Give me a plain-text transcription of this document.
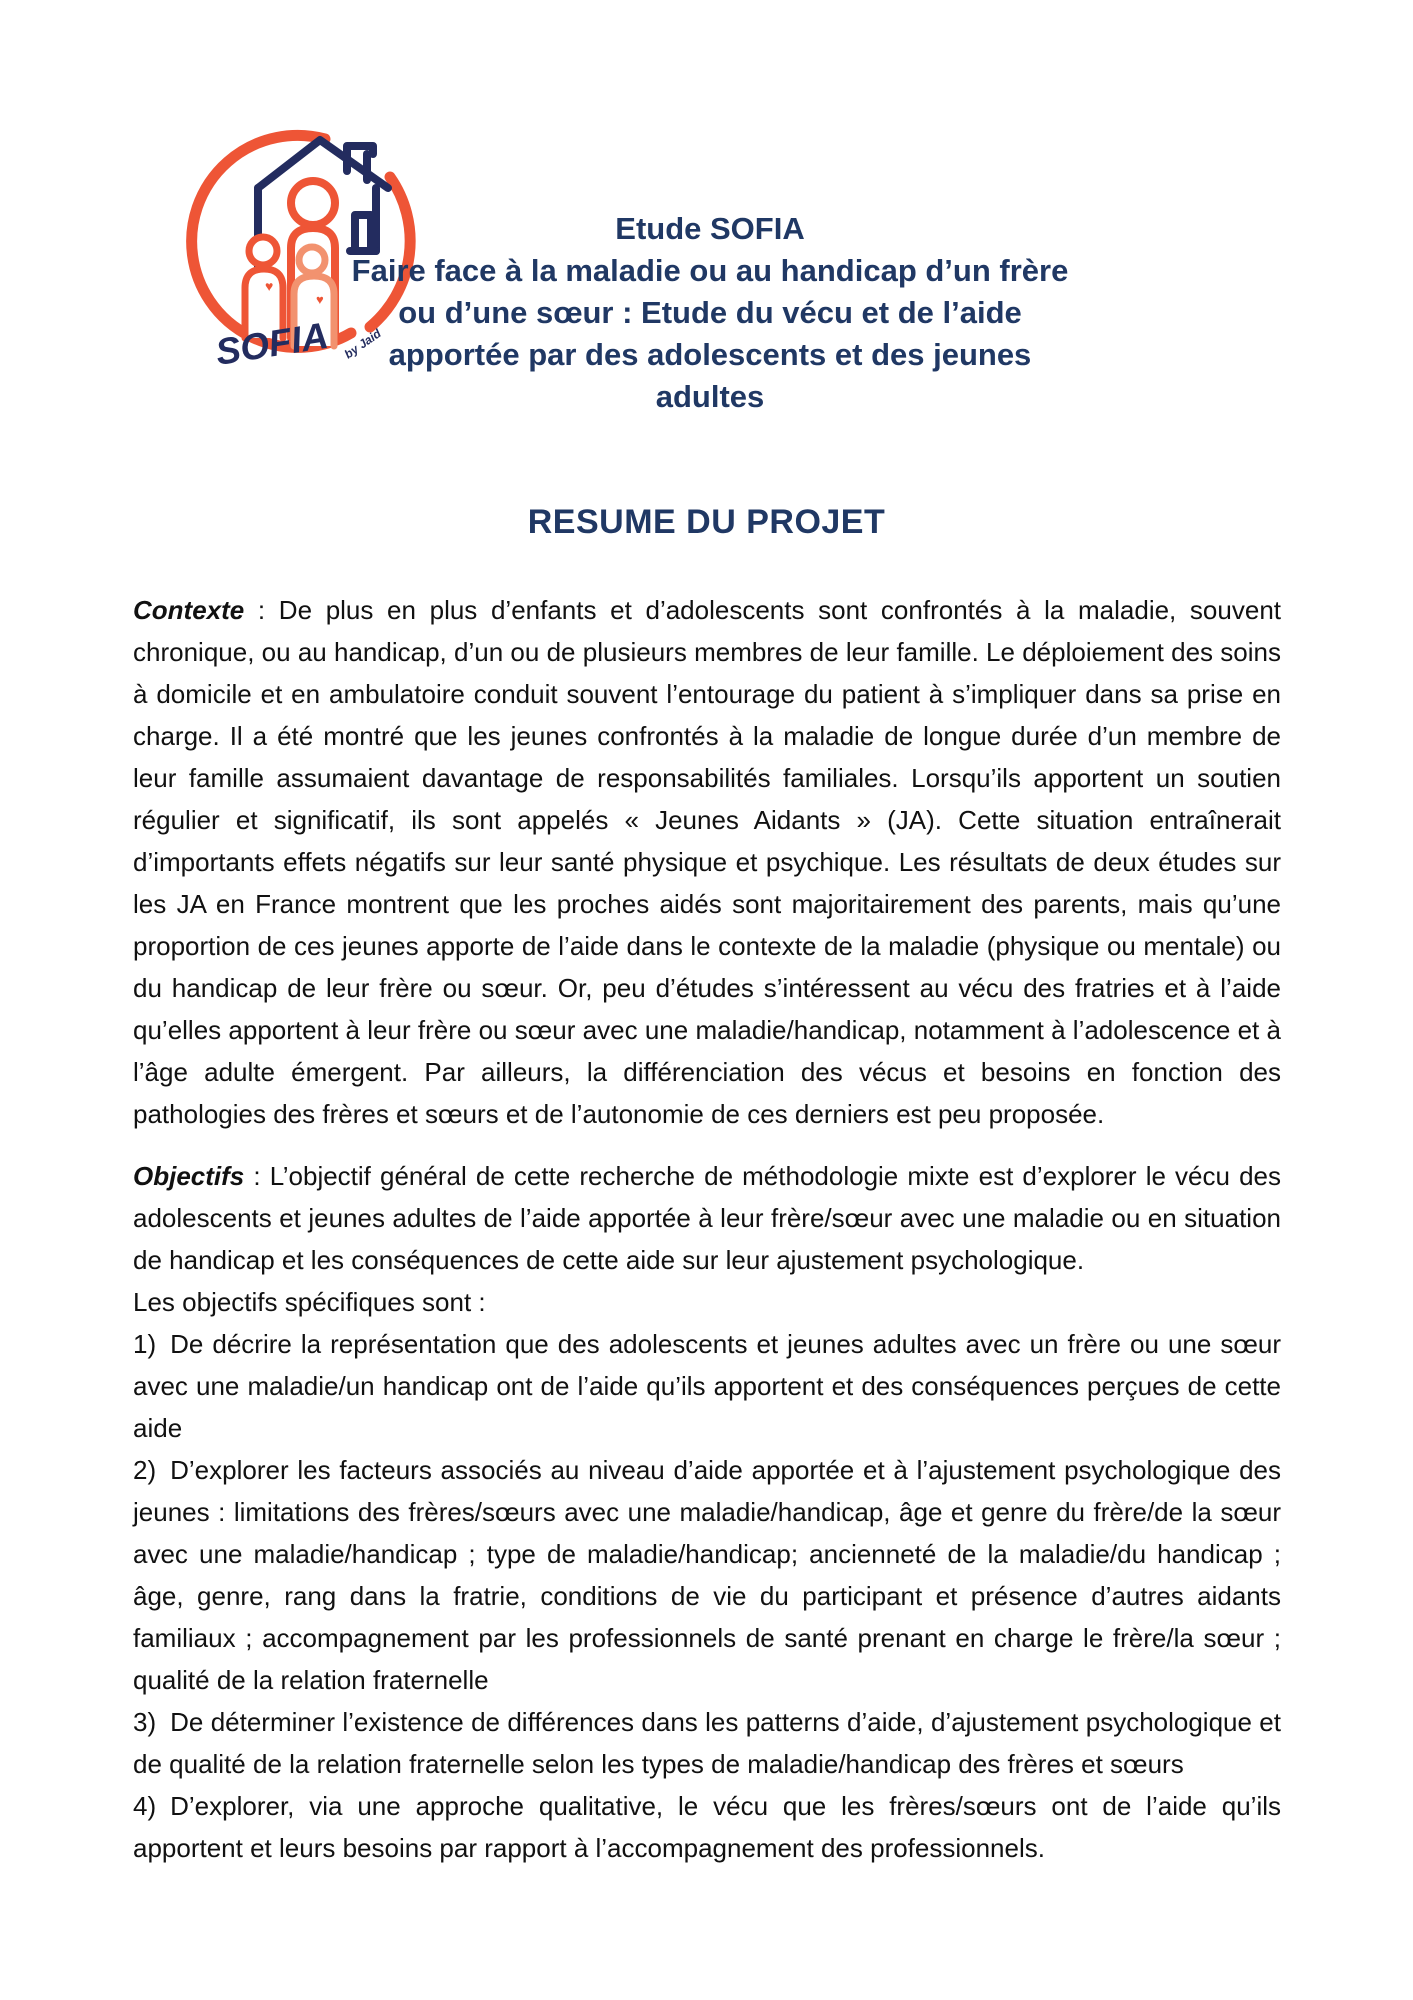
♥
♥
SOFIA by Jaid
Etude SOFIA
Faire face à la maladie ou au handicap d’un frère
ou d’une sœur : Etude du vécu et de l’aide
apportée par des adolescents et des jeunes
adultes
RESUME DU PROJET

Contexte : De plus en plus d’enfants et d’adolescents sont confrontés à la maladie, souvent chronique, ou au handicap, d’un ou de plusieurs membres de leur famille. Le déploiement des soins à domicile et en ambulatoire conduit souvent l’entourage du patient à s’impliquer dans sa prise en charge. Il a été montré que les jeunes confrontés à la maladie de longue durée d’un membre de leur famille assumaient davantage de responsabilités familiales. Lorsqu’ils apportent un soutien régulier et significatif, ils sont appelés « Jeunes Aidants » (JA). Cette situation entraînerait d’importants effets négatifs sur leur santé physique et psychique. Les résultats de deux études sur les JA en France montrent que les proches aidés sont majoritairement des parents, mais qu’une proportion de ces jeunes apporte de l’aide dans le contexte de la maladie (physique ou mentale) ou du handicap de leur frère ou sœur. Or, peu d’études s’intéressent au vécu des fratries et à l’aide qu’elles apportent à leur frère ou sœur avec une maladie/handicap, notamment à l’adolescence et à l’âge adulte émergent. Par ailleurs, la différenciation des vécus et besoins en fonction des pathologies des frères et sœurs et de l’autonomie de ces derniers est peu proposée.

Objectifs : L’objectif général de cette recherche de méthodologie mixte est d’explorer le vécu des adolescents et jeunes adultes de l’aide apportée à leur frère/sœur avec une maladie ou en situation de handicap et les conséquences de cette aide sur leur ajustement psychologique.

Les objectifs spécifiques sont :

1) De décrire la représentation que des adolescents et jeunes adultes avec un frère ou une sœur avec une maladie/un handicap ont de l’aide qu’ils apportent et des conséquences perçues de cette aide

2) D’explorer les facteurs associés au niveau d’aide apportée et à l’ajustement psychologique des jeunes : limitations des frères/sœurs avec une maladie/handicap, âge et genre du frère/de la sœur avec une maladie/handicap ; type de maladie/handicap; ancienneté de la maladie/du handicap ; âge, genre, rang dans la fratrie, conditions de vie du participant et présence d’autres aidants familiaux ; accompagnement par les professionnels de santé prenant en charge le frère/la sœur ; qualité de la relation fraternelle

3) De déterminer l’existence de différences dans les patterns d’aide, d’ajustement psychologique et de qualité de la relation fraternelle selon les types de maladie/handicap des frères et sœurs

4) D’explorer, via une approche qualitative, le vécu que les frères/sœurs ont de l’aide qu’ils apportent et leurs besoins par rapport à l’accompagnement des professionnels.
